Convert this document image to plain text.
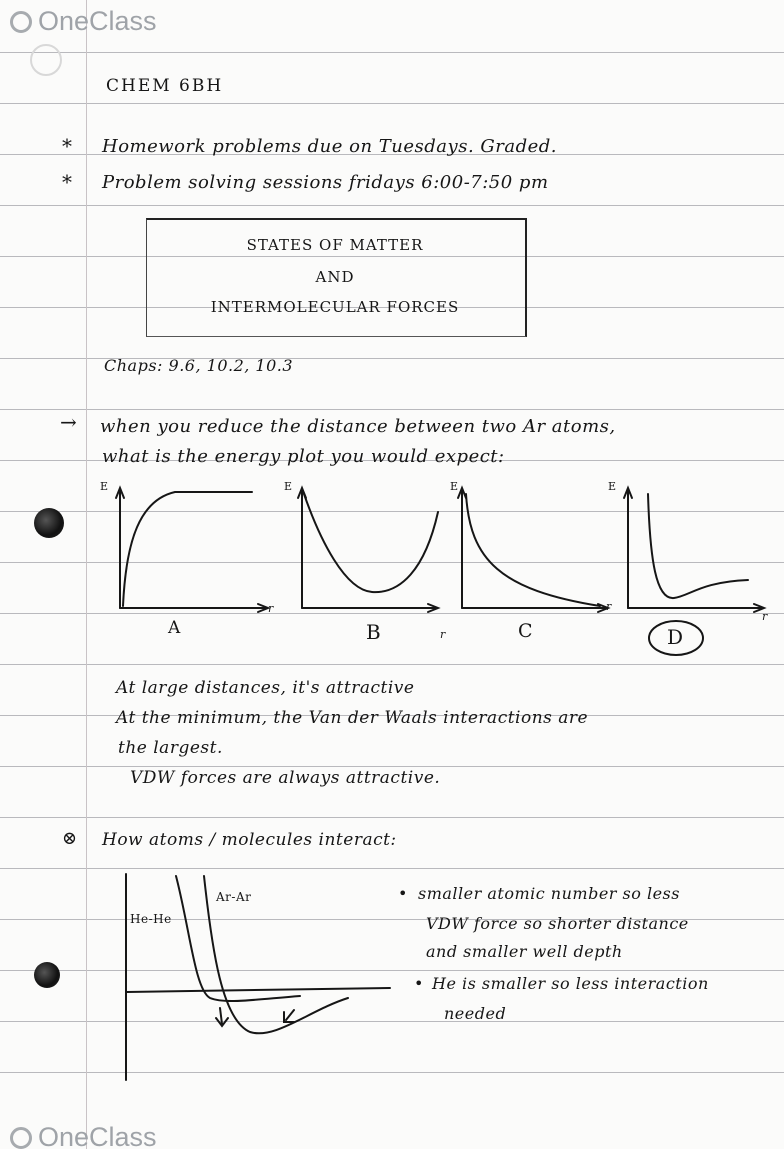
OneClass
OneClass
CHEM 6BH
* Homework problems due on Tuesdays. Graded.
* Problem solving sessions fridays 6:00-7:50 pm
STATES OF MATTER
AND
INTERMOLECULAR FORCES
Chaps: 9.6, 10.2, 10.3
→ when you reduce the distance between two Ar atoms,
what is the energy plot you would expect:
E
r
A
E
r
B
E
r
C
E
r
D
At large distances, it's attractive
At the minimum, the Van der Waals interactions are
the largest.
VDW forces are always attractive.
⊗ How atoms / molecules interact:
He-He
Ar-Ar	• smaller atomic number so less
VDW force so shorter distance
and smaller well depth
• He is smaller so less interaction
needed
